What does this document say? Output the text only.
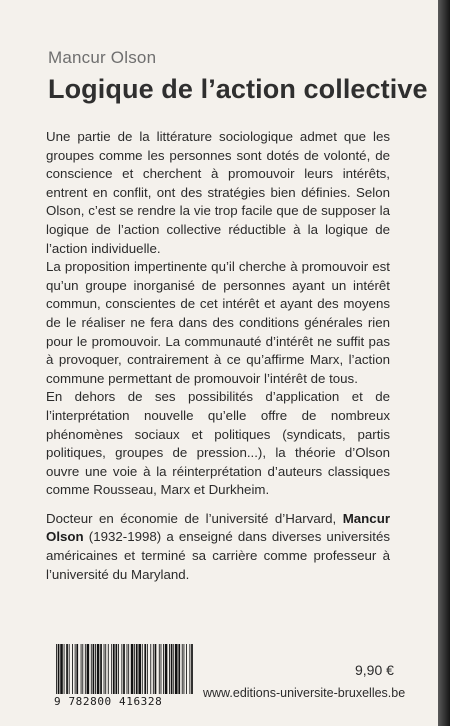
Mancur Olson
Logique de l’action collective

Une partie de la littérature sociologique admet que les groupes comme les personnes sont dotés de volonté, de conscience et cherchent à promouvoir leurs intérêts, entrent en conflit, ont des stratégies bien définies. Selon Olson, c’est se rendre la vie trop facile que de supposer la logique de l’action collective réductible à la logique de l’action individuelle.

La proposition impertinente qu’il cherche à promouvoir est qu’un groupe inorganisé de personnes ayant un intérêt commun, conscientes de cet intérêt et ayant des moyens de le réaliser ne fera dans des conditions générales rien pour le promouvoir. La communauté d’intérêt ne suffit pas à provoquer, contrairement à ce qu’affirme Marx, l’action commune permettant de promouvoir l’intérêt de tous.

En dehors de ses possibilités d’application et de l’interprétation nouvelle qu’elle offre de nombreux phénomènes sociaux et politiques (syndicats, partis politiques, groupes de pression...), la théorie d’Olson ouvre une voie à la réinterprétation d’auteurs classiques comme Rousseau, Marx et Durkheim.

Docteur en économie de l’université d’Harvard, Mancur Olson (1932-1998) a enseigné dans diverses universités américaines et terminé sa carrière comme professeur à l’université du Maryland.

9 782800 416328
9,90 €
www.editions-universite-bruxelles.be
